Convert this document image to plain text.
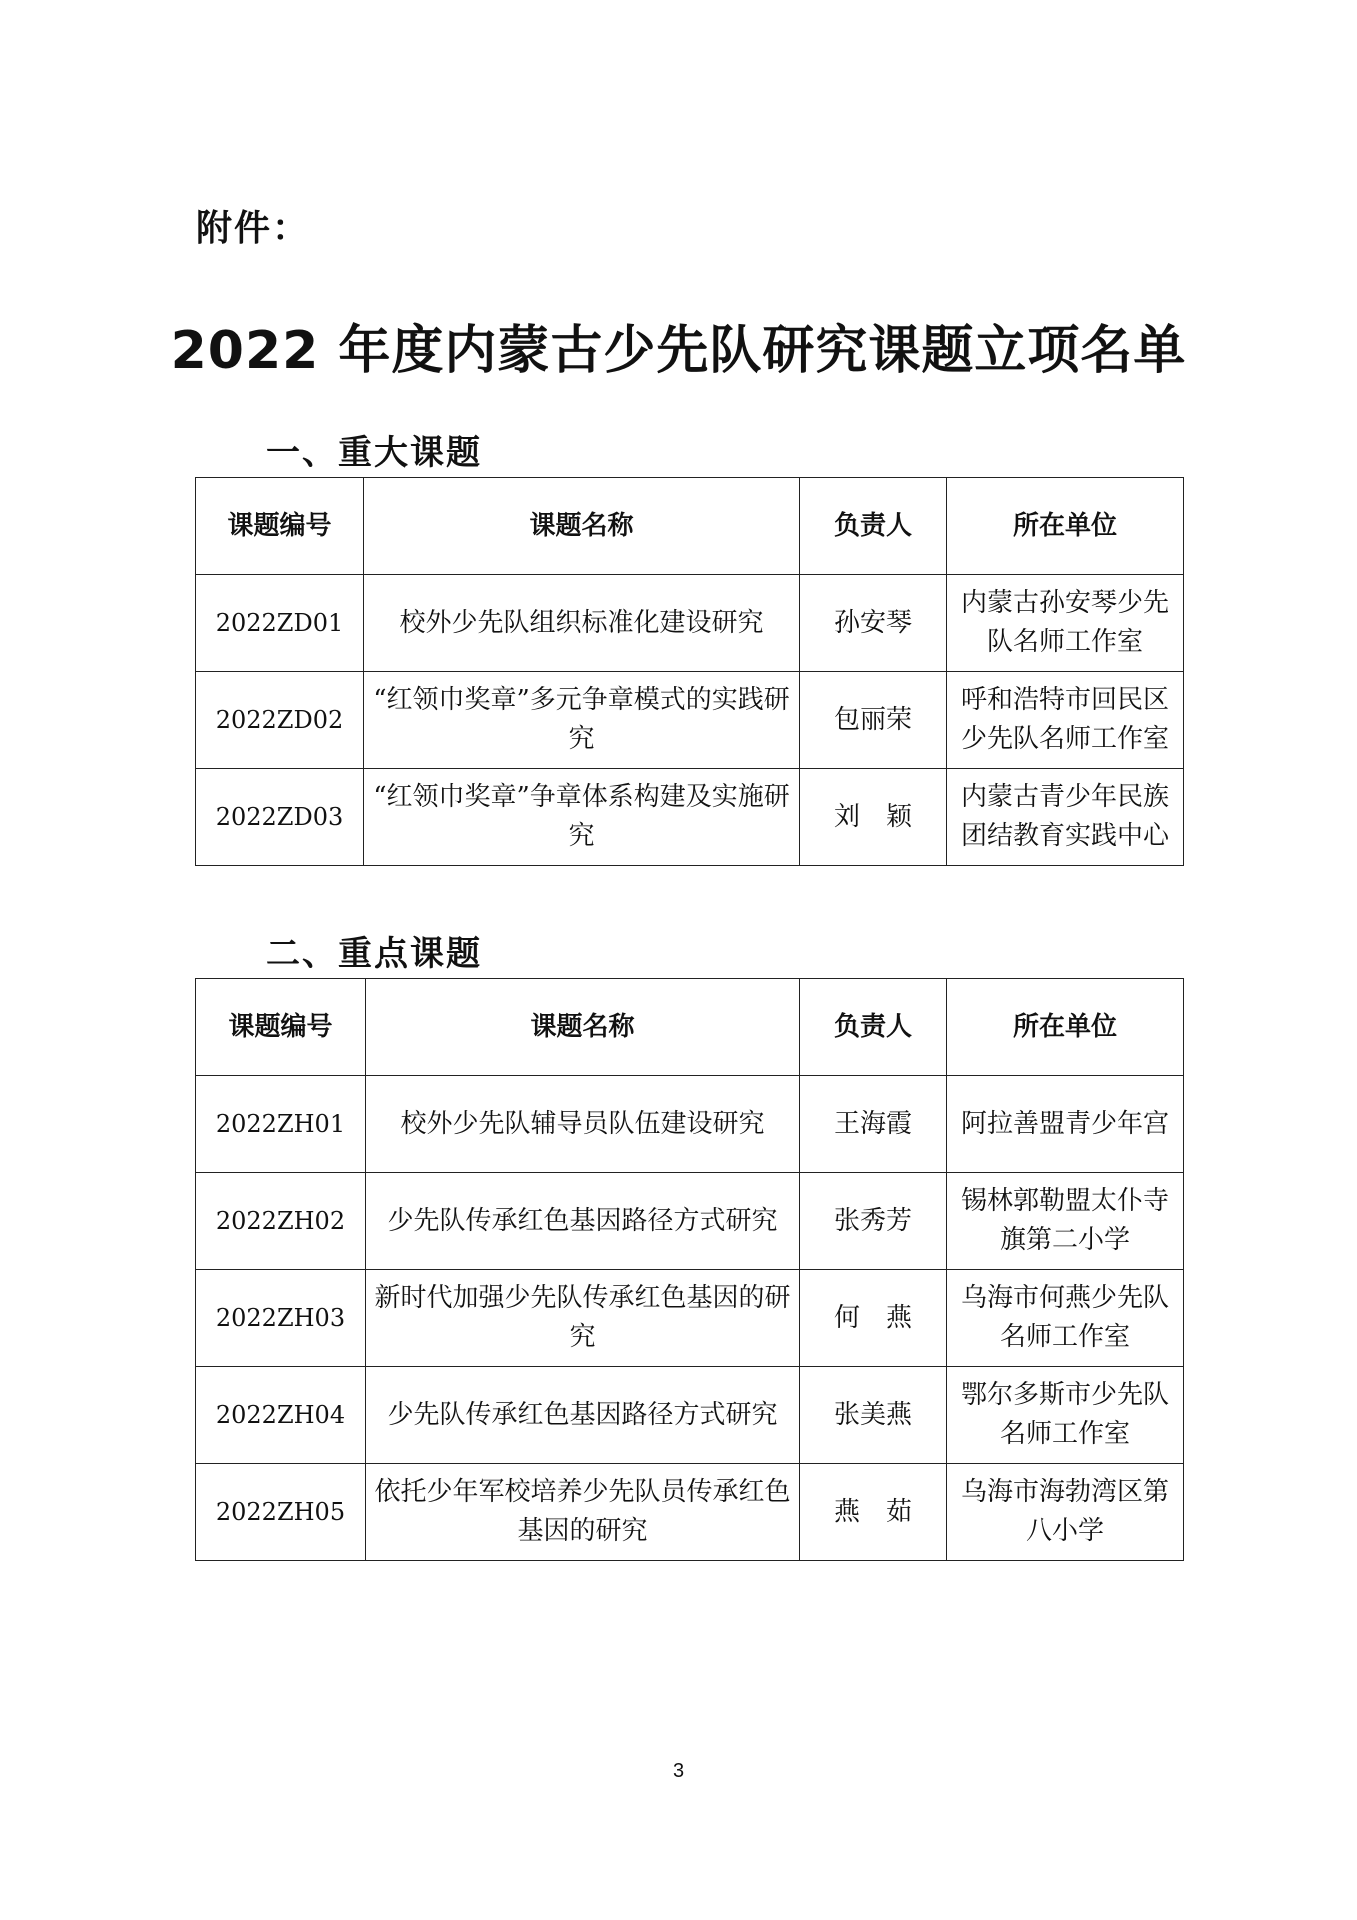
附件：
2022 年度内蒙古少先队研究课题立项名单
一、重大课题
课题编号	课题名称	负责人	所在单位
2022ZD01	校外少先队组织标准化建设研究	孙安琴	内蒙古孙安琴少先队名师工作室
2022ZD02	“红领巾奖章”多元争章模式的实践研究	包丽荣	呼和浩特市回民区少先队名师工作室
2022ZD03	“红领巾奖章”争章体系构建及实施研究	刘　颖	内蒙古青少年民族团结教育实践中心
二、重点课题
课题编号	课题名称	负责人	所在单位
2022ZH01	校外少先队辅导员队伍建设研究	王海霞	阿拉善盟青少年宫
2022ZH02	少先队传承红色基因路径方式研究	张秀芳	锡林郭勒盟太仆寺旗第二小学
2022ZH03	新时代加强少先队传承红色基因的研究	何　燕	乌海市何燕少先队名师工作室
2022ZH04	少先队传承红色基因路径方式研究	张美燕	鄂尔多斯市少先队名师工作室
2022ZH05	依托少年军校培养少先队员传承红色基因的研究	燕　茹	乌海市海勃湾区第八小学
3
